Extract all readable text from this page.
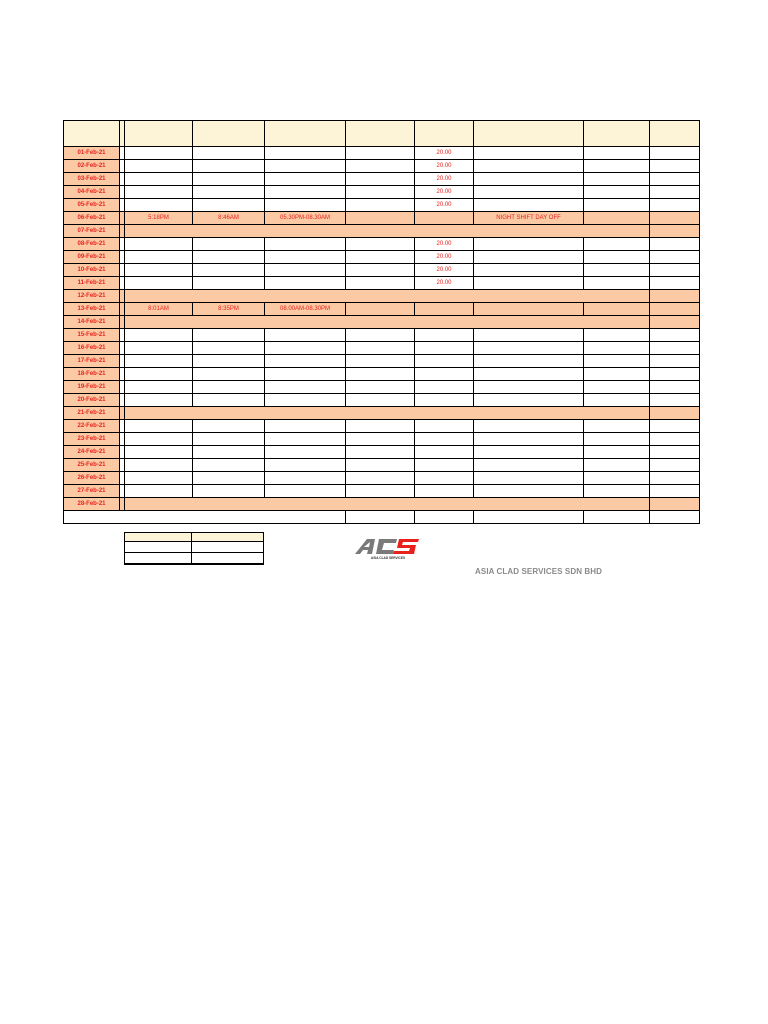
01-Feb-21						20.00			
02-Feb-21						20.00			
03-Feb-21						20.00			
04-Feb-21						20.00			
05-Feb-21						20.00			
06-Feb-21		5:18PM	8:46AM	05.30PM-08.30AM			NIGHT SHIFT DAY OFF		
07-Feb-21									
08-Feb-21						20.00			
09-Feb-21						20.00			
10-Feb-21						20.00			
11-Feb-21						20.00			
12-Feb-21									
13-Feb-21		8:01AM	8:35PM	08.00AM-08.30PM					
14-Feb-21									
15-Feb-21									
16-Feb-21									
17-Feb-21									
18-Feb-21									
19-Feb-21									
20-Feb-21									
21-Feb-21									
22-Feb-21									
23-Feb-21									
24-Feb-21									
25-Feb-21									
26-Feb-21									
27-Feb-21									
28-Feb-21									

ASIA CLAD SERVICES
ASIA CLAD SERVICES SDN BHD
